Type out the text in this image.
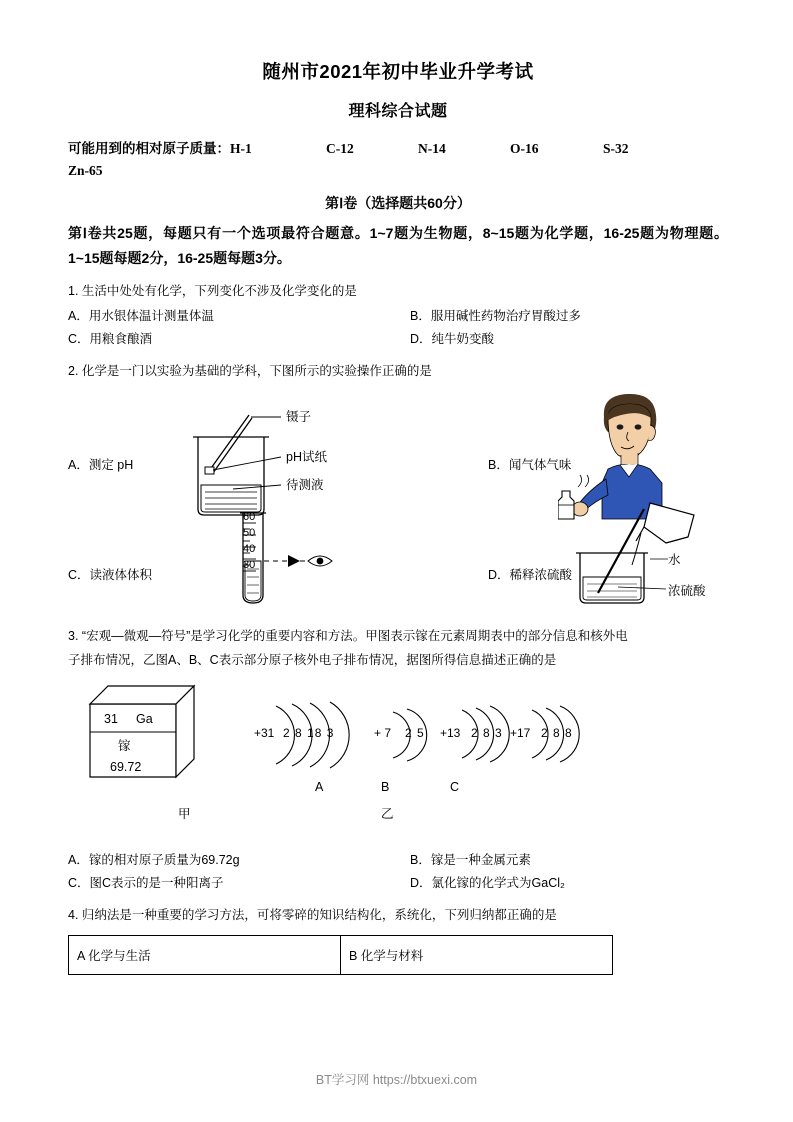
随州市2021年初中毕业升学考试
理科综合试题
可能用到的相对原子质量：H-1	C-12	N-14	O-16	S-32
Zn-65
第Ⅰ卷（选择题共60分）
第Ⅰ卷共25题，每题只有一个选项最符合题意。1~7题为生物题，8~15题为化学题，16-25题为物理题。1~15题每题2分，16-25题每题3分。
1. 生活中处处有化学，下列变化不涉及化学变化的是
A．用水银体温计测量体温	B．服用碱性药物治疗胃酸过多
C．用粮食酿酒	D．纯牛奶变酸
2. 化学是一门以实验为基础的学科，下图所示的实验操作正确的是
A．测定 pH
镊子
pH试纸
待测液
B．闻气体气味
C．读液体体积
60
50
40
30
D．稀释浓硫酸
水
浓硫酸
3. “宏观—微观—符号”是学习化学的重要内容和方法。甲图表示镓在元素周期表中的部分信息和核外电
子排布情况，乙图A、B、C表示部分原子核外电子排布情况，据图所得信息描述正确的是
31 Ga
镓
69.72
甲
+31 2 8 18 3	+ 7 2 5 +13 2 8 3 +17 2 8 8
A	B	C
乙
A．镓的相对原子质量为69.72g	B．镓是一种金属元素
C．图C表示的是一种阳离子	D．氯化镓的化学式为GaCl₂
4. 归纳法是一种重要的学习方法，可将零碎的知识结构化，系统化，下列归纳都正确的是
A 化学与生活	B 化学与材料
BT学习网 https://btxuexi.com
